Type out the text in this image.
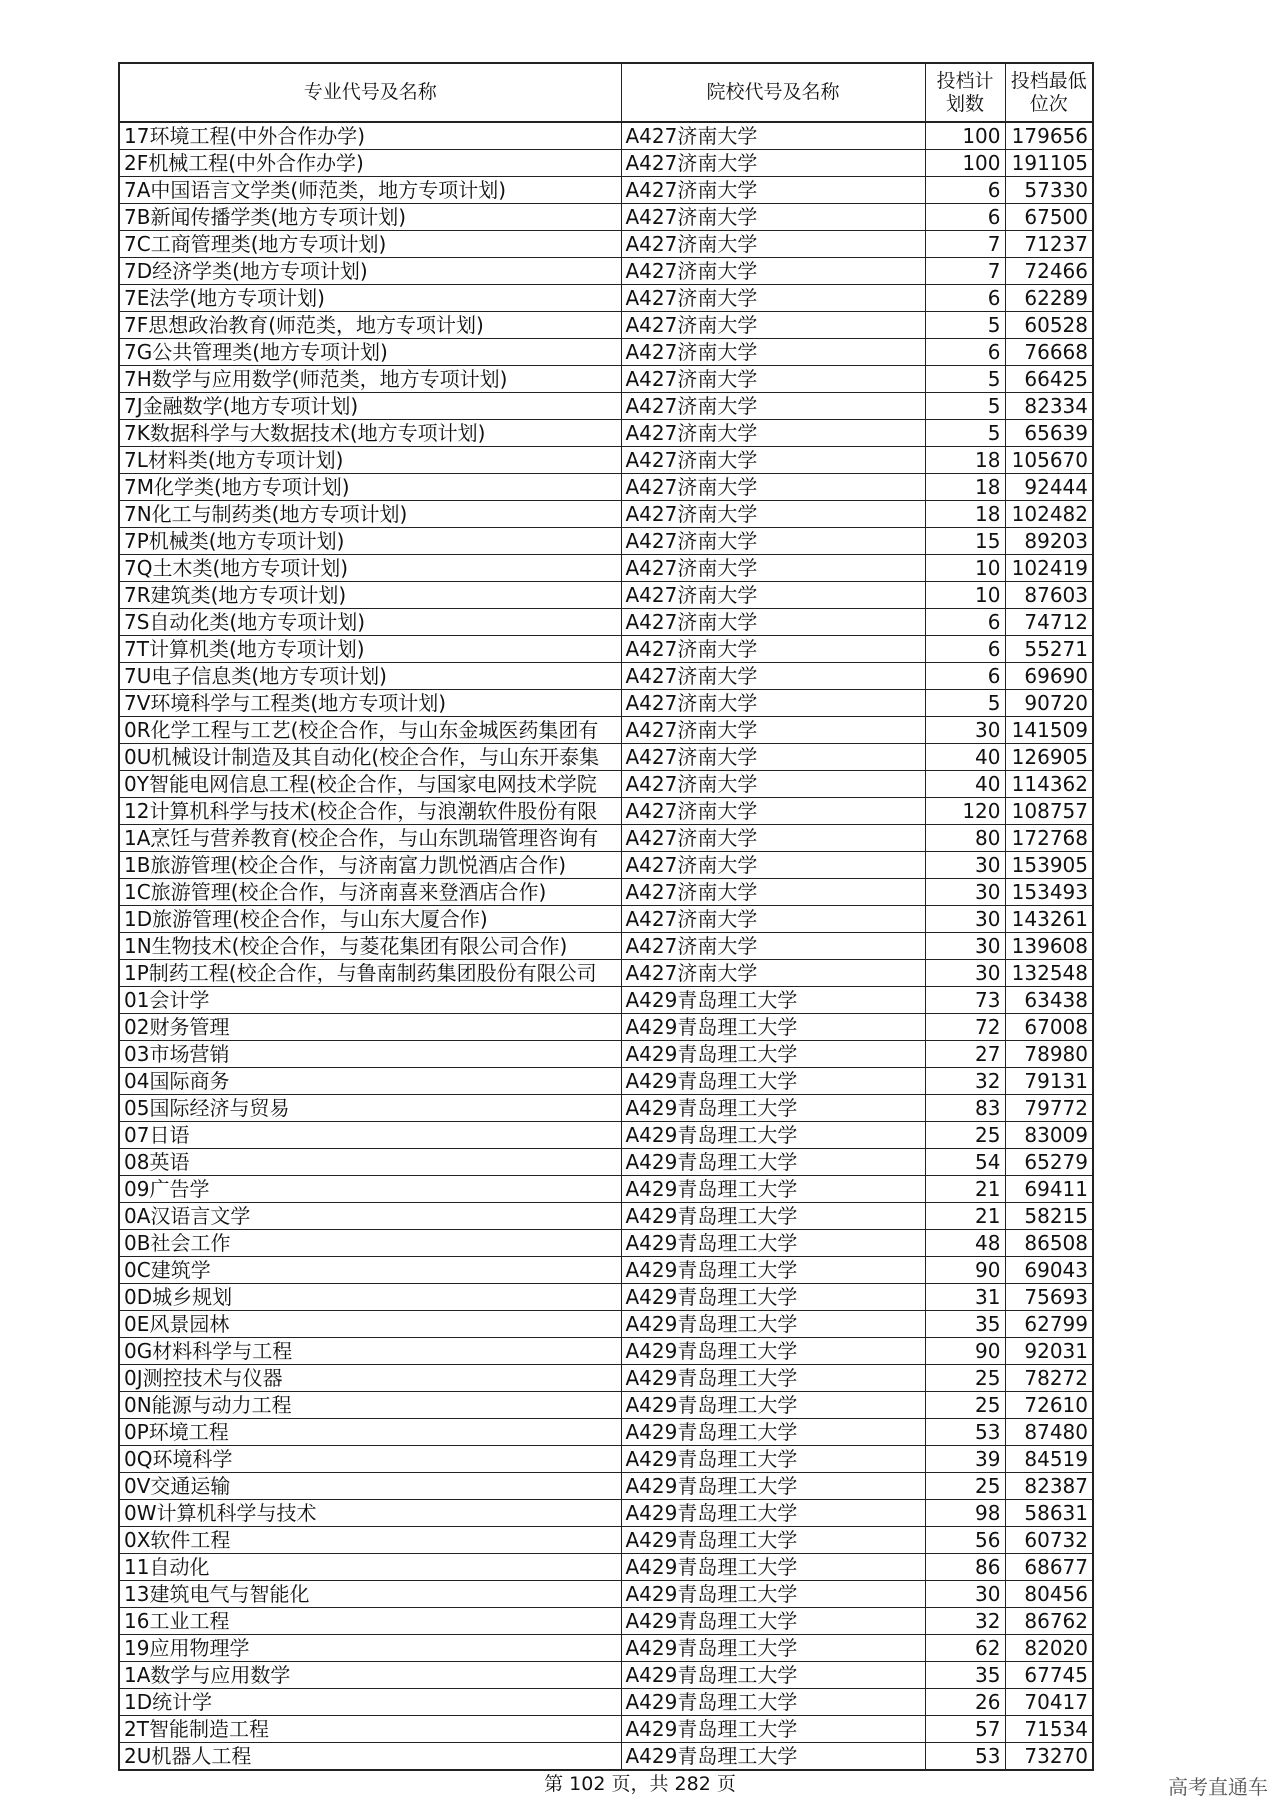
专业代号及名称	院校代号及名称	投档计
划数	投档最低
位次
17环境工程(中外合作办学)	A427济南大学	100	179656
2F机械工程(中外合作办学)	A427济南大学	100	191105
7A中国语言文学类(师范类，地方专项计划)	A427济南大学	6	57330
7B新闻传播学类(地方专项计划)	A427济南大学	6	67500
7C工商管理类(地方专项计划)	A427济南大学	7	71237
7D经济学类(地方专项计划)	A427济南大学	7	72466
7E法学(地方专项计划)	A427济南大学	6	62289
7F思想政治教育(师范类，地方专项计划)	A427济南大学	5	60528
7G公共管理类(地方专项计划)	A427济南大学	6	76668
7H数学与应用数学(师范类，地方专项计划)	A427济南大学	5	66425
7J金融数学(地方专项计划)	A427济南大学	5	82334
7K数据科学与大数据技术(地方专项计划)	A427济南大学	5	65639
7L材料类(地方专项计划)	A427济南大学	18	105670
7M化学类(地方专项计划)	A427济南大学	18	92444
7N化工与制药类(地方专项计划)	A427济南大学	18	102482
7P机械类(地方专项计划)	A427济南大学	15	89203
7Q土木类(地方专项计划)	A427济南大学	10	102419
7R建筑类(地方专项计划)	A427济南大学	10	87603
7S自动化类(地方专项计划)	A427济南大学	6	74712
7T计算机类(地方专项计划)	A427济南大学	6	55271
7U电子信息类(地方专项计划)	A427济南大学	6	69690
7V环境科学与工程类(地方专项计划)	A427济南大学	5	90720
0R化学工程与工艺(校企合作，与山东金城医药集团有	A427济南大学	30	141509
0U机械设计制造及其自动化(校企合作，与山东开泰集	A427济南大学	40	126905
0Y智能电网信息工程(校企合作，与国家电网技术学院	A427济南大学	40	114362
12计算机科学与技术(校企合作，与浪潮软件股份有限	A427济南大学	120	108757
1A烹饪与营养教育(校企合作，与山东凯瑞管理咨询有	A427济南大学	80	172768
1B旅游管理(校企合作，与济南富力凯悦酒店合作)	A427济南大学	30	153905
1C旅游管理(校企合作，与济南喜来登酒店合作)	A427济南大学	30	153493
1D旅游管理(校企合作，与山东大厦合作)	A427济南大学	30	143261
1N生物技术(校企合作，与菱花集团有限公司合作)	A427济南大学	30	139608
1P制药工程(校企合作，与鲁南制药集团股份有限公司	A427济南大学	30	132548
01会计学	A429青岛理工大学	73	63438
02财务管理	A429青岛理工大学	72	67008
03市场营销	A429青岛理工大学	27	78980
04国际商务	A429青岛理工大学	32	79131
05国际经济与贸易	A429青岛理工大学	83	79772
07日语	A429青岛理工大学	25	83009
08英语	A429青岛理工大学	54	65279
09广告学	A429青岛理工大学	21	69411
0A汉语言文学	A429青岛理工大学	21	58215
0B社会工作	A429青岛理工大学	48	86508
0C建筑学	A429青岛理工大学	90	69043
0D城乡规划	A429青岛理工大学	31	75693
0E风景园林	A429青岛理工大学	35	62799
0G材料科学与工程	A429青岛理工大学	90	92031
0J测控技术与仪器	A429青岛理工大学	25	78272
0N能源与动力工程	A429青岛理工大学	25	72610
0P环境工程	A429青岛理工大学	53	87480
0Q环境科学	A429青岛理工大学	39	84519
0V交通运输	A429青岛理工大学	25	82387
0W计算机科学与技术	A429青岛理工大学	98	58631
0X软件工程	A429青岛理工大学	56	60732
11自动化	A429青岛理工大学	86	68677
13建筑电气与智能化	A429青岛理工大学	30	80456
16工业工程	A429青岛理工大学	32	86762
19应用物理学	A429青岛理工大学	62	82020
1A数学与应用数学	A429青岛理工大学	35	67745
1D统计学	A429青岛理工大学	26	70417
2T智能制造工程	A429青岛理工大学	57	71534
2U机器人工程	A429青岛理工大学	53	73270
第 102 页，共 282 页	高考直通车
